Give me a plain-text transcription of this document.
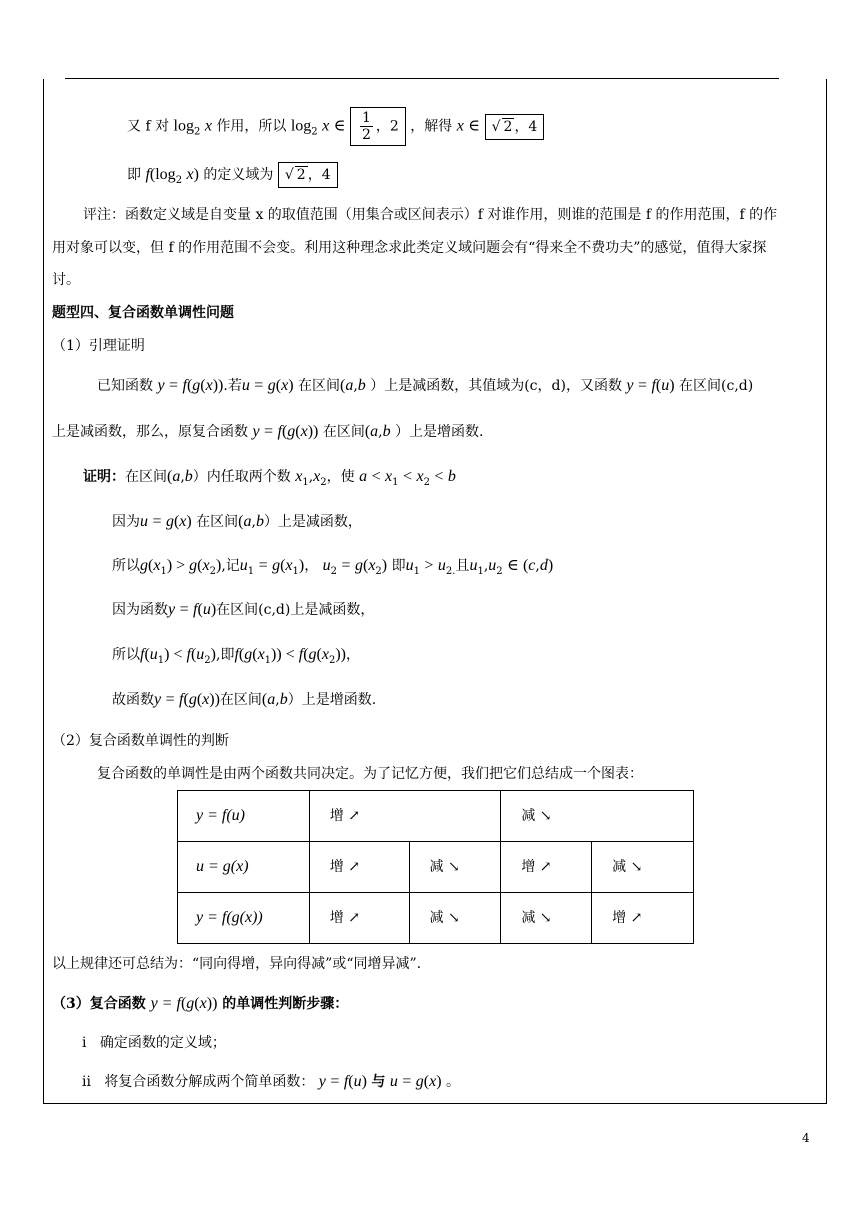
又 f 对 $\log_2 x$ 作用，所以 $\log_2 x$ ∈ $\frac{1}{2}$ ，2 ，解得 x ∈ √ 2 ，4
即 $f(\log_2$ x) 的定义域为 √ 2 ，4
评注：函数定义域是自变量 x 的取值范围（用集合或区间表示）f 对谁作用，则谁的范围是 f 的作用范围，f 的作
用对象可以变，但 f 的作用范围不会变。利用这种理念求此类定义域问题会有“得来全不费功夫”的感觉，值得大家探
讨。
题型四、复合函数单调性问题
（1）引理证明
已知函数 y = f(g(x)).若u = g(x) 在区间(a,b ）上是减函数，其值域为(c，d)，又函数 y = f(u) 在区间(c,d)
上是减函数，那么，原复合函数 y = f(g(x)) 在区间(a,b ）上是增函数.
证明：在区间(a,b）内任取两个数 $x_1,x_2$，使 $a < x_1 < x_2 < b$
因为u = g(x) 在区间(a,b）上是减函数，
所以$g(x_1) > g(x_2)$,记$u_1 = g(x_1)$， $u_2 = g(x_2)$ 即$u_1 > u_{2.}$且$u_1,u_2$ ∈ (c,d)
因为函数y = f(u)在区间(c,d)上是减函数，
所以$f(u_1) < f(u_2)$,即$f(g(x_1)) < f(g(x_2))$，
故函数y = f(g(x))在区间(a,b）上是增函数.
（2）复合函数单调性的判断
复合函数的单调性是由两个函数共同决定。为了记忆方便，我们把它们总结成一个图表：
y = f(u)	增 ↗		减 ↘	
u = g(x)	增 ↗	减 ↘	增 ↗	减 ↘
y = f(g(x))	增 ↗	减 ↘	减 ↘	增 ↗
以上规律还可总结为：“同向得增，异向得减”或“同增异减”.
（3）复合函数 y = f(g(x)) 的单调性判断步骤：
i 确定函数的定义域；
ii 将复合函数分解成两个简单函数： y = f(u) 与 u = g(x) 。
4
